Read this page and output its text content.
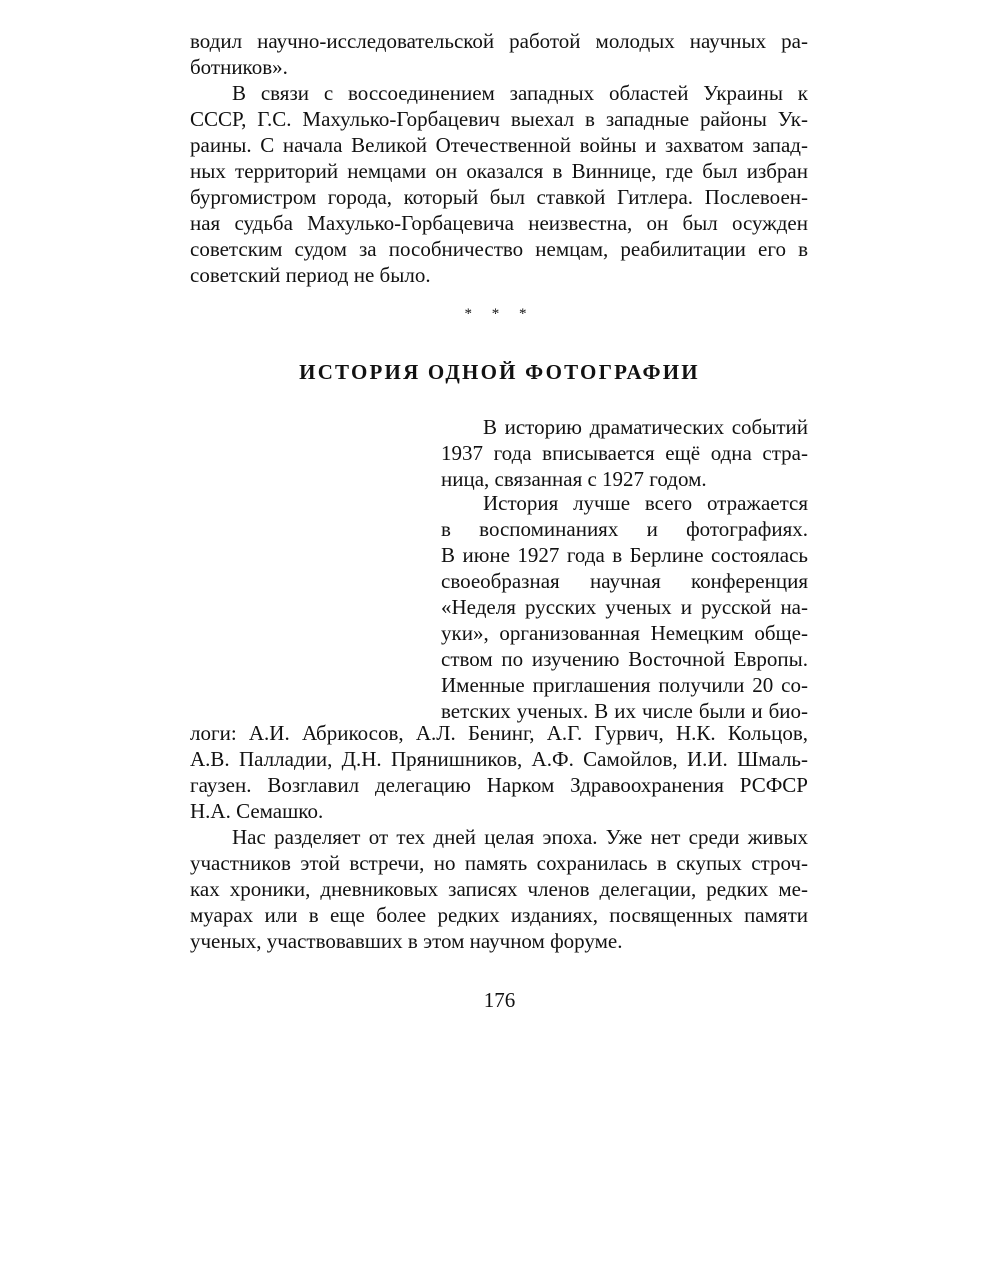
водил научно-исследовательской работой молодых научных ра-
ботников».
В связи с воссоединением западных областей Украины к
СССР, Г.С. Махулько-Горбацевич выехал в западные районы Ук-
раины. С начала Великой Отечественной войны и захватом запад-
ных территорий немцами он оказался в Виннице, где был избран
бургомистром города, который был ставкой Гитлера. Послевоен-
ная судьба Махулько-Горбацевича неизвестна, он был осужден
советским судом за пособничество немцам, реабилитации его в
советский период не было.
* * *
ИСТОРИЯ ОДНОЙ ФОТОГРАФИИ
В историю драматических событий
1937 года вписывается ещё одна стра-
ница, связанная с 1927 годом.
История лучше всего отражается
в воспоминаниях и фотографиях.
В июне 1927 года в Берлине состоялась
своеобразная научная конференция
«Неделя русских ученых и русской на-
уки», организованная Немецким обще-
ством по изучению Восточной Европы.
Именные приглашения получили 20 со-
ветских ученых. В их числе были и био-
логи: А.И. Абрикосов, А.Л. Бенинг, А.Г. Гурвич, Н.К. Кольцов,
А.В. Палладии, Д.Н. Прянишников, А.Ф. Самойлов, И.И. Шмаль-
гаузен. Возглавил делегацию Нарком Здравоохранения РСФСР
Н.А. Семашко.
Нас разделяет от тех дней целая эпоха. Уже нет среди живых
участников этой встречи, но память сохранилась в скупых строч-
ках хроники, дневниковых записях членов делегации, редких ме-
муарах или в еще более редких изданиях, посвященных памяти
ученых, участвовавших в этом научном форуме.
176
